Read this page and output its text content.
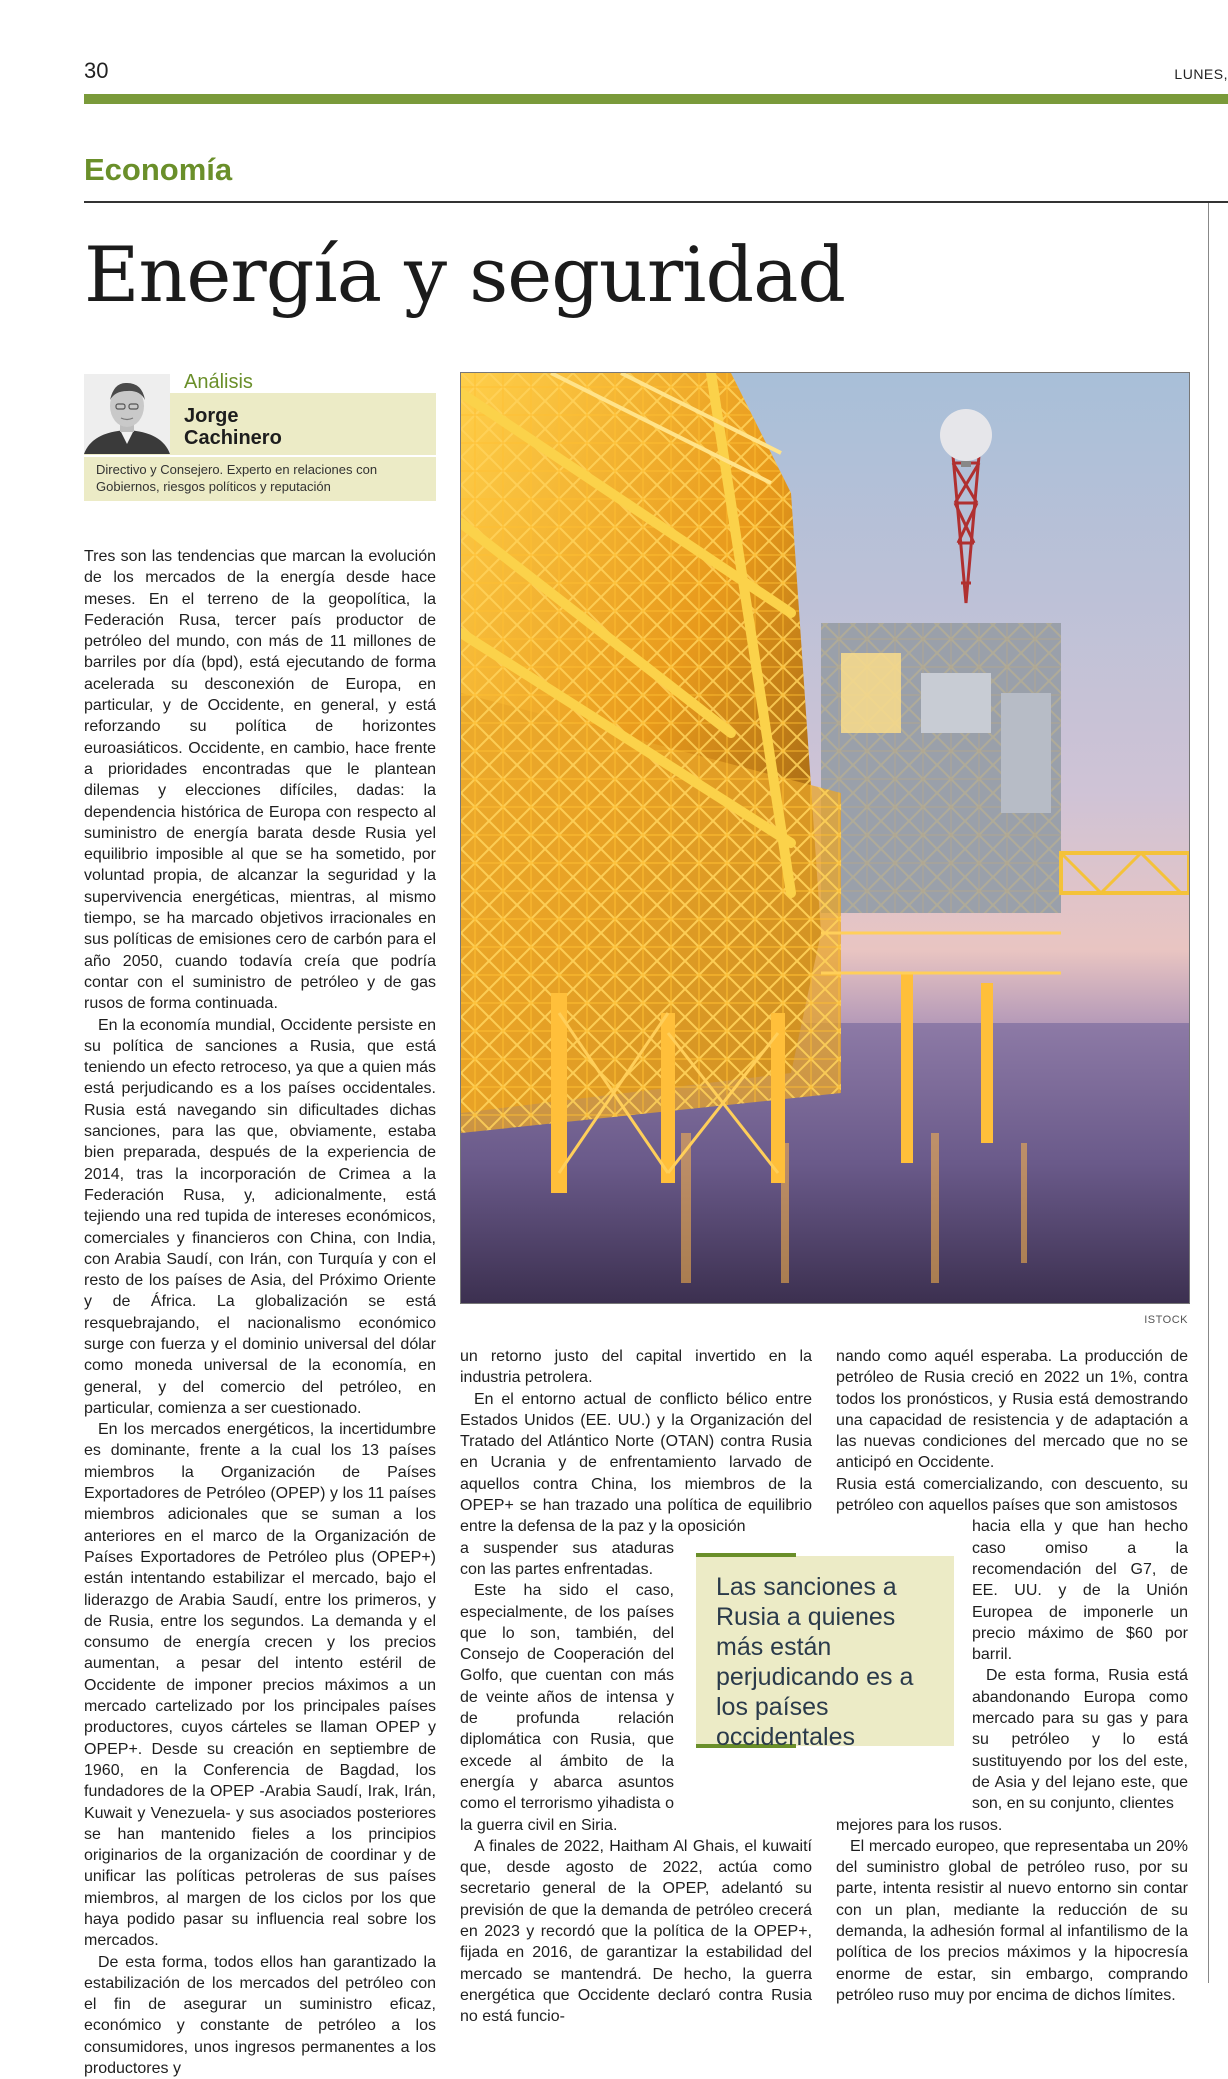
30	LUNES,
Economía
Energía y seguridad
Análisis
Jorge
Cachinero
Directivo y Consejero. Experto en relaciones con Gobiernos, riesgos políticos y reputación

Tres son las tendencias que marcan la evolución de los mercados de la energía desde hace meses. En el terreno de la geopolítica, la Federación Rusa, tercer país productor de petróleo del mundo, con más de 11 millones de barriles por día (bpd), está ejecutando de forma acelerada su desconexión de Europa, en particular, y de Occidente, en general, y está reforzando su política de horizontes euroasiáticos. Occidente, en cambio, hace frente a prioridades encontradas que le plantean dilemas y elecciones difíciles, dadas: la dependencia histórica de Europa con respecto al suministro de energía barata desde Rusia yel equilibrio imposible al que se ha sometido, por voluntad propia, de alcanzar la seguridad y la supervivencia energéticas, mientras, al mismo tiempo, se ha marcado objetivos irracionales en sus políticas de emisiones cero de carbón para el año 2050, cuando todavía creía que podría contar con el suministro de petróleo y de gas rusos de forma continuada.

En la economía mundial, Occidente persiste en su política de sanciones a Rusia, que está teniendo un efecto retroceso, ya que a quien más está perjudicando es a los países occidentales. Rusia está navegando sin dificultades dichas sanciones, para las que, obviamente, estaba bien preparada, después de la experiencia de 2014, tras la incorporación de Crimea a la Federación Rusa, y, adicionalmente, está tejiendo una red tupida de intereses económicos, comerciales y financieros con China, con India, con Arabia Saudí, con Irán, con Turquía y con el resto de los países de Asia, del Próximo Oriente y de África. La globalización se está resquebrajando, el nacionalismo económico surge con fuerza y el dominio universal del dólar como moneda universal de la economía, en general, y del comercio del petróleo, en particular, comienza a ser cuestionado.

En los mercados energéticos, la incertidumbre es dominante, frente a la cual los 13 países miembros la Organización de Países Exportadores de Petróleo (OPEP) y los 11 países miembros adicionales que se suman a los anteriores en el marco de la Organización de Países Exportadores de Petróleo plus (OPEP+) están intentando estabilizar el mercado, bajo el liderazgo de Arabia Saudí, entre los primeros, y de Rusia, entre los segundos. La demanda y el consumo de energía crecen y los precios aumentan, a pesar del intento estéril de Occidente de imponer precios máximos a un mercado cartelizado por los principales países productores, cuyos cárteles se llaman OPEP y OPEP+. Desde su creación en septiembre de 1960, en la Conferencia de Bagdad, los fundadores de la OPEP -Arabia Saudí, Irak, Irán, Kuwait y Venezuela- y sus asociados posteriores se han mantenido fieles a los principios originarios de la organización de coordinar y de unificar las políticas petroleras de sus países miembros, al margen de los ciclos por los que haya podido pasar su influencia real sobre los mercados.

De esta forma, todos ellos han garantizado la estabilización de los mercados del petróleo con el fin de asegurar un suministro eficaz, económico y constante de petróleo a los consumidores, unos ingresos permanentes a los productores y

ISTOCK

un retorno justo del capital invertido en la industria petrolera.

En el entorno actual de conflicto bélico entre Estados Unidos (EE. UU.) y la Organización del Tratado del Atlántico Norte (OTAN) contra Rusia en Ucrania y de enfrentamiento larvado de aquellos contra China, los miembros de la OPEP+ se han trazado una política de equilibrio entre la defensa de la paz y la oposición

a suspender sus ataduras con las partes enfrentadas.

Este ha sido el caso, especialmente, de los países que lo son, también, del Consejo de Cooperación del Golfo, que cuentan con más de veinte años de intensa y de profunda relación diplomática con Rusia, que excede al ámbito de la energía y abarca asuntos como el terrorismo yihadista o la guerra civil en Siria.

A finales de 2022, Haitham Al Ghais, el kuwaití que, desde agosto de 2022, actúa como secretario general de la OPEP, adelantó su previsión de que la demanda de petróleo crecerá en 2023 y recordó que la política de la OPEP+, fijada en 2016, de garantizar la estabilidad del mercado se mantendrá. De hecho, la guerra energética que Occidente declaró contra Rusia no está funcio-

nando como aquél esperaba. La producción de petróleo de Rusia creció en 2022 un 1%, contra todos los pronósticos, y Rusia está demostrando una capacidad de resistencia y de adaptación a las nuevas condiciones del mercado que no se anticipó en Occidente.

Rusia está comercializando, con descuento, su petróleo con aquellos países que son amistosos

hacia ella y que han hecho caso omiso a la recomendación del G7, de EE. UU. y de la Unión Europea de imponerle un precio máximo de $60 por barril.

De esta forma, Rusia está abandonando Europa como mercado para su gas y para su petróleo y lo está sustituyendo por los del este, de Asia y del lejano este, que son, en su conjunto, clientes

mejores para los rusos.

El mercado europeo, que representaba un 20% del suministro global de petróleo ruso, por su parte, intenta resistir al nuevo entorno sin contar con un plan, mediante la reducción de su demanda, la adhesión formal al infantilismo de la política de los precios máximos y la hipocresía enorme de estar, sin embargo, comprando petróleo ruso muy por encima de dichos límites.

Las sanciones a Rusia a quienes más están perjudicando es a los países occidentales
